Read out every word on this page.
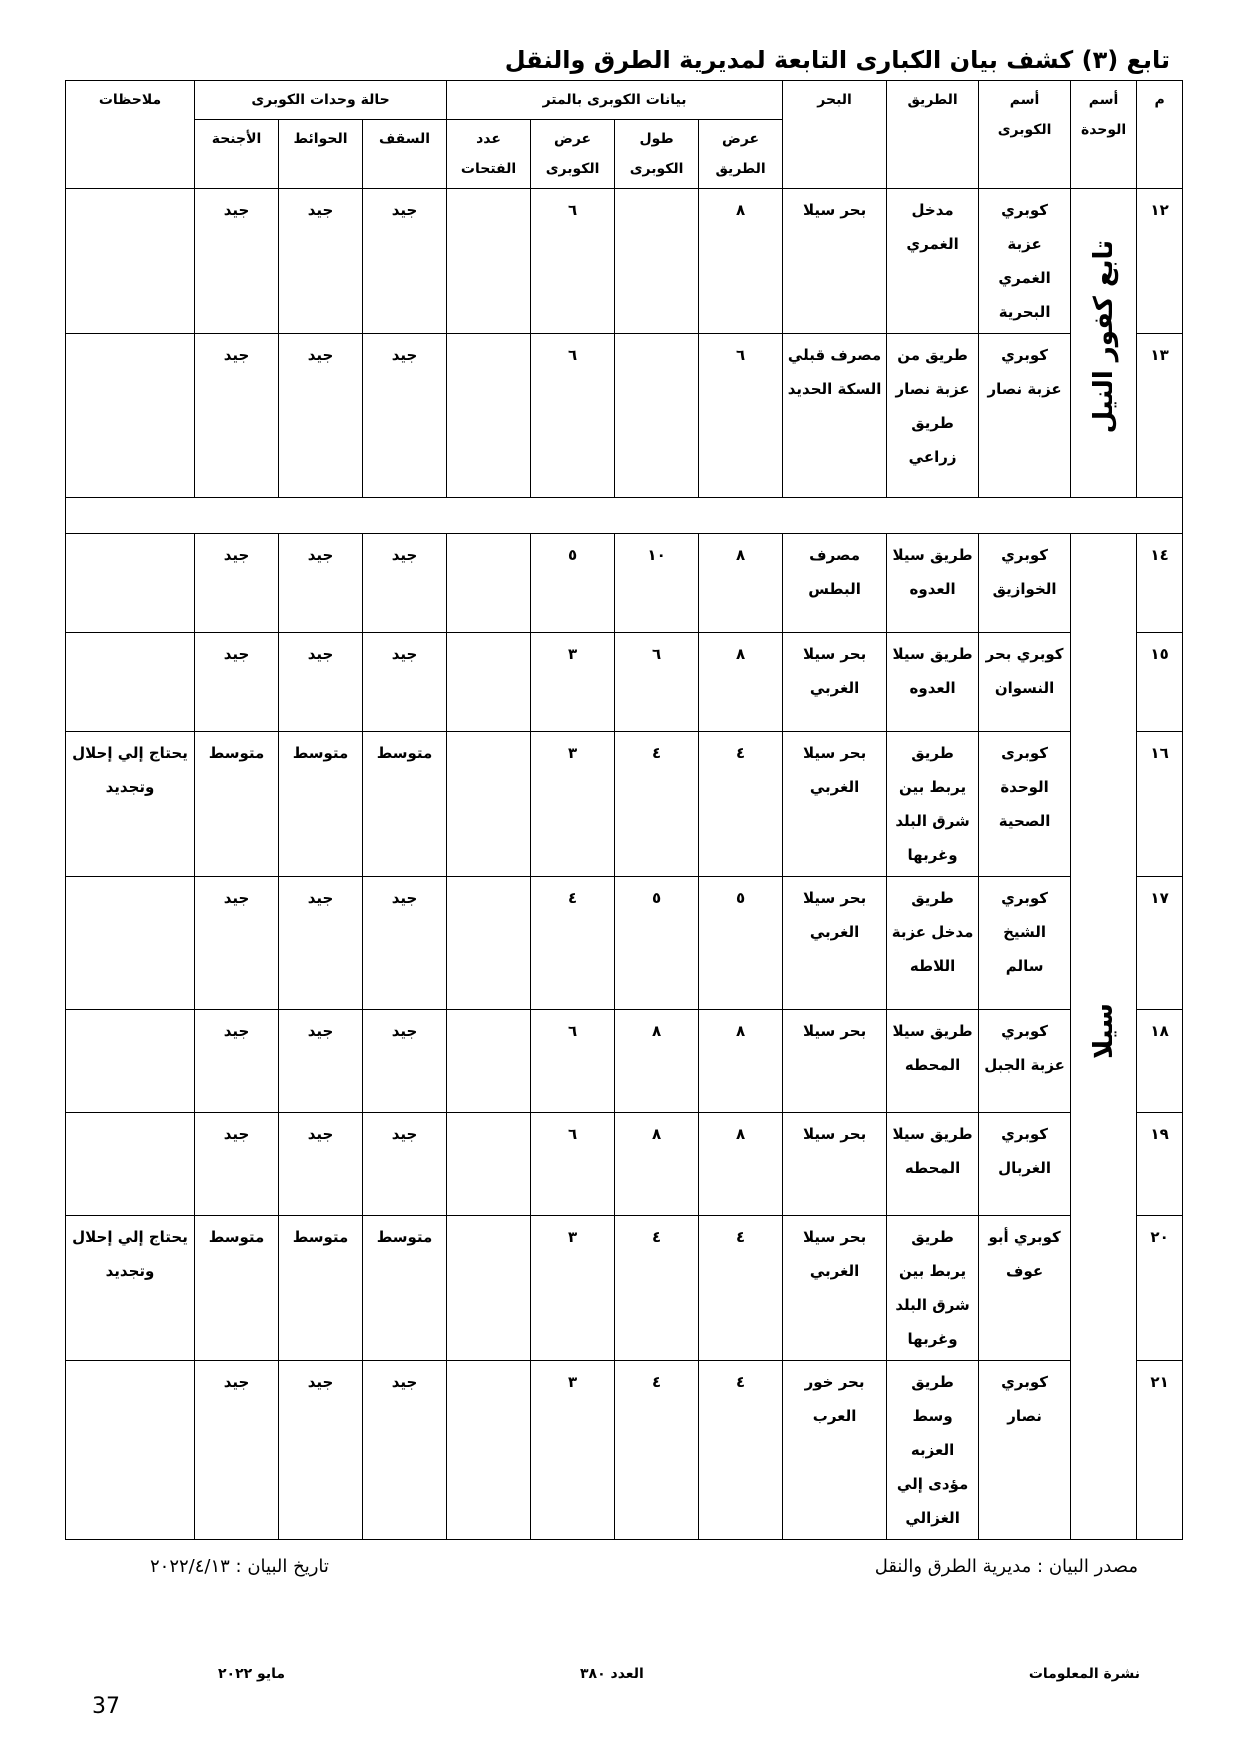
تابع (٣) كشف بيان الكبارى التابعة لمديرية الطرق والنقل
م	أسم الوحدة	أسم الكوبرى	الطريق	البحر	بيانات الكوبرى بالمتر				حالة وحدات الكوبرى			ملاحظات
					عرض الطريق	طول الكوبرى	عرض الكوبرى	عدد الفتحات	السقف	الحوائط	الأجنحة	
١٢	تابع كفور النيل	كوبري عزبة الغمري البحرية	مدخل الغمري	بحر سيلا	٨		٦		جيد	جيد	جيد	
١٣		كوبري عزبة نصار	طريق من عزبة نصار طريق زراعي	مصرف قبلي السكة الحديد	٦		٦		جيد	جيد	جيد	

١٤	سيلا	كوبري الخوازيق	طريق سيلا العدوه	مصرف البطس	٨	١٠	٥		جيد	جيد	جيد	
١٥		كوبري بحر النسوان	طريق سيلا العدوه	بحر سيلا الغربي	٨	٦	٣		جيد	جيد	جيد	
١٦		كوبرى الوحدة الصحية	طريق يربط بين شرق البلد وغربها	بحر سيلا الغربي	٤	٤	٣		متوسط	متوسط	متوسط	يحتاج إلي إحلال وتجديد
١٧		كوبري الشيخ سالم	طريق مدخل عزبة اللاطه	بحر سيلا الغربي	٥	٥	٤		جيد	جيد	جيد	
١٨		كوبري عزبة الجبل	طريق سيلا المحطه	بحر سيلا	٨	٨	٦		جيد	جيد	جيد	
١٩		كوبري الغربال	طريق سيلا المحطه	بحر سيلا	٨	٨	٦		جيد	جيد	جيد	
٢٠		كوبري أبو عوف	طريق يربط بين شرق البلد وغربها	بحر سيلا الغربي	٤	٤	٣		متوسط	متوسط	متوسط	يحتاج إلي إحلال وتجديد
٢١		كوبري نصار	طريق وسط العزبه مؤدى إلي الغزالي	بحر خور العرب	٤	٤	٣		جيد	جيد	جيد	
مصدر البيان : مديرية الطرق والنقل
تاريخ البيان : ٢٠٢٢/٤/١٣
نشرة المعلومات
العدد ٣٨٠
مايو ٢٠٢٢
37
